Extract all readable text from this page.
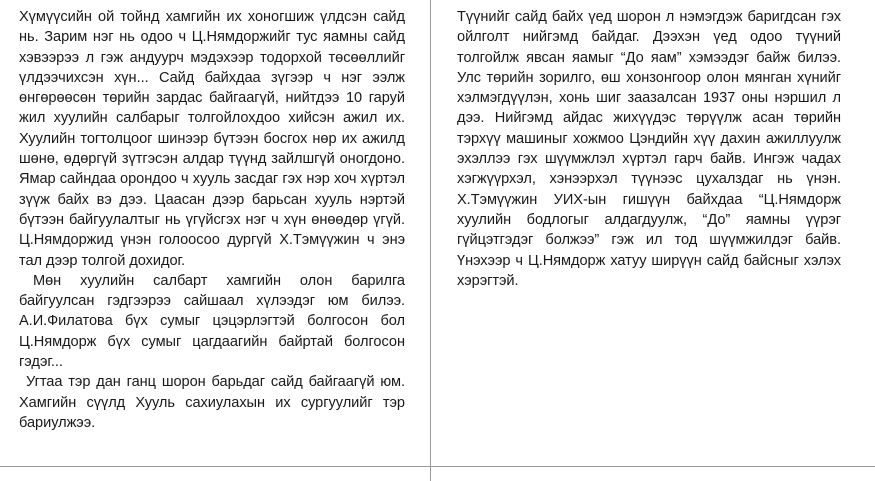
Хүмүүсийн ой тойнд хамгийн их хоногшиж үлдсэн сайд нь. Зарим нэг нь одоо ч Ц.Нямдоржийг тус яамны сайд хэвээрээ л гэж андуурч мэдэхээр тодорхой төсөөллийг үлдээчихсэн хүн... Сайд байхдаа зүгээр ч нэг ээлж өнгөрөөсөн төрийн зардас байгаагүй, нийтдээ 10 гаруй жил хуулийн салбарыг толгойлохдоо хийсэн ажил их. Хуулийн тогтолцоог шинээр бүтээн босгох нөр их ажилд шөнө, өдөргүй зүтгэсэн алдар түүнд зайлшгүй оногдоно. Ямар сайндаа орондоо ч хууль засдаг гэх нэр хоч хүртэл зүүж байх вэ дээ. Цаасан дээр барьсан хууль нэртэй бүтээн байгуулалтыг нь үгүйсгэх нэг ч хүн өнөөдөр үгүй. Ц.Нямдоржид үнэн голоосоо дургүй Х.Тэмүүжин ч энэ тал дээр толгой дохидог.

Мөн хуулийн салбарт хамгийн олон барилга байгуулсан гэдгээрээ сайшаал хүлээдэг юм билээ. А.И.Филатова бүх сумыг цэцэрлэгтэй болгосон бол Ц.Нямдорж бүх сумыг цагдаагийн байртай болгосон гэдэг...

Угтаа тэр дан ганц шорон барьдаг сайд байгаагүй юм. Хамгийн сүүлд Хууль сахиулахын их сургуулийг тэр бариулжээ.

Түүнийг сайд байх үед шорон л нэмэгдэж баригдсан гэх ойлголт нийгэмд байдаг. Дээхэн үед одоо түүний толгойлж явсан яамыг “До яам” хэмээдэг байж билээ. Улс төрийн зорилго, өш хонзонгоор олон мянган хүнийг хэлмэгдүүлэн, хонь шиг заазалсан 1937 оны нэршил л дээ. Нийгэмд айдас жихүүдэс төрүүлж асан төрийн тэрхүү машиныг хожмоо Цэндийн хүү дахин ажиллуулж эхэллээ гэх шүүмжлэл хүртэл гарч байв. Ингэж чадах хэгжүүрхэл, хэнээрхэл түүнээс цухалздаг нь үнэн. Х.Тэмүүжин УИХ-ын гишүүн байхдаа “Ц.Нямдорж хуулийн бодлогыг алдагдуулж, “До” яамны үүрэг гүйцэтгэдэг болжээ” гэж ил тод шүүмжилдэг байв. Үнэхээр ч Ц.Нямдорж хатуу ширүүн сайд байсныг хэлэх хэрэгтэй.
